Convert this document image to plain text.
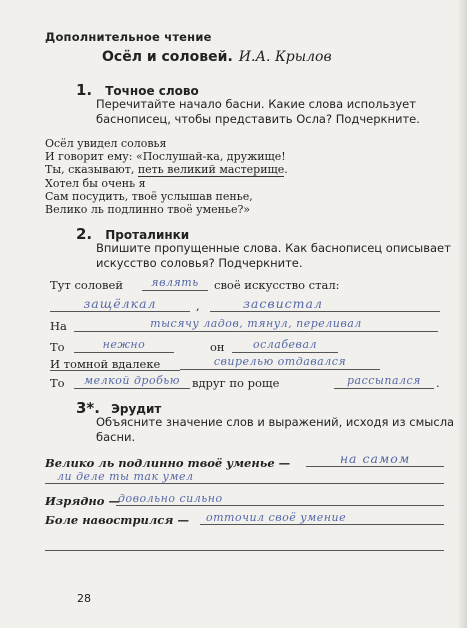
Дополнительное чтение
Осёл и соловей. И.А. Крылов
1. Точное слово
Перечитайте начало басни. Какие слова использует баснописец, чтобы представить Осла? Подчеркните.
Осёл увидел соловья
И говорит ему: «Послушай-ка, дружище!
Ты, сказывают, петь великий мастерище.
Хотел бы очень я
Сам посудить, твоё услышав пенье,
Велико ль подлинно твоё уменье?»
2. Проталинки
Впишите пропущенные слова. Как баснописец описывает искусство соловья? Подчеркните.
Тут соловей	являть	своё искусство стал:
защёлкал	,	засвистал
На	тысячу ладов, тянул, переливал
То	нежно	он	ослабевал
И томной вдалеке	свирелью отдавался
То	мелкой дробью	вдруг по роще	рассыпался	.
3*. Эрудит
Объясните значение слов и выражений, исходя из смысла басни.
Велико ль подлинно твоё уменье —	на самом
ли деле ты так умел
Изрядно —
довольно сильно
Боле навострился —	отточил своё умение
28
